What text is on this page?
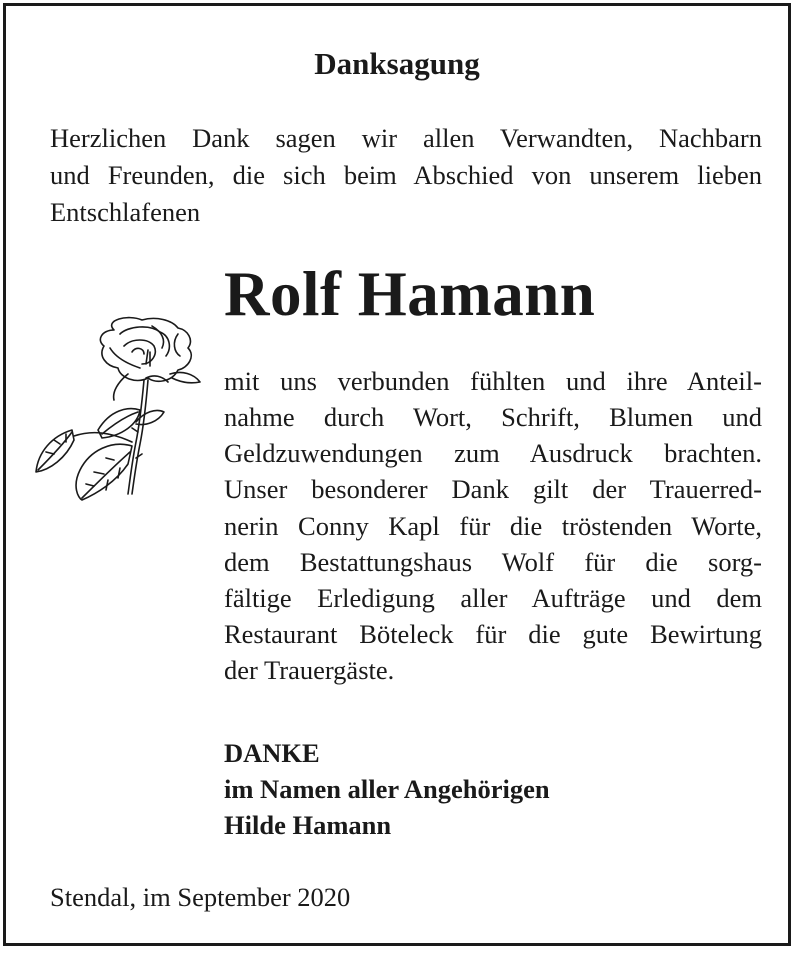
Danksagung

Herzlichen Dank sagen wir allen Verwandten, Nachbarn

und Freunden, die sich beim Abschied von unserem lieben

Entschlafenen

Rolf Hamann

mit uns verbunden fühlten und ihre Anteil-

nahme durch Wort, Schrift, Blumen und

Geldzuwendungen zum Ausdruck brachten.

Unser besonderer Dank gilt der Trauerred-

nerin Conny Kapl für die tröstenden Worte,

dem Bestattungshaus Wolf für die sorg-

fältige Erledigung aller Aufträge und dem

Restaurant Böteleck für die gute Bewirtung

der Trauergäste.

DANKE

im Namen aller Angehörigen

Hilde Hamann

Stendal, im September 2020
